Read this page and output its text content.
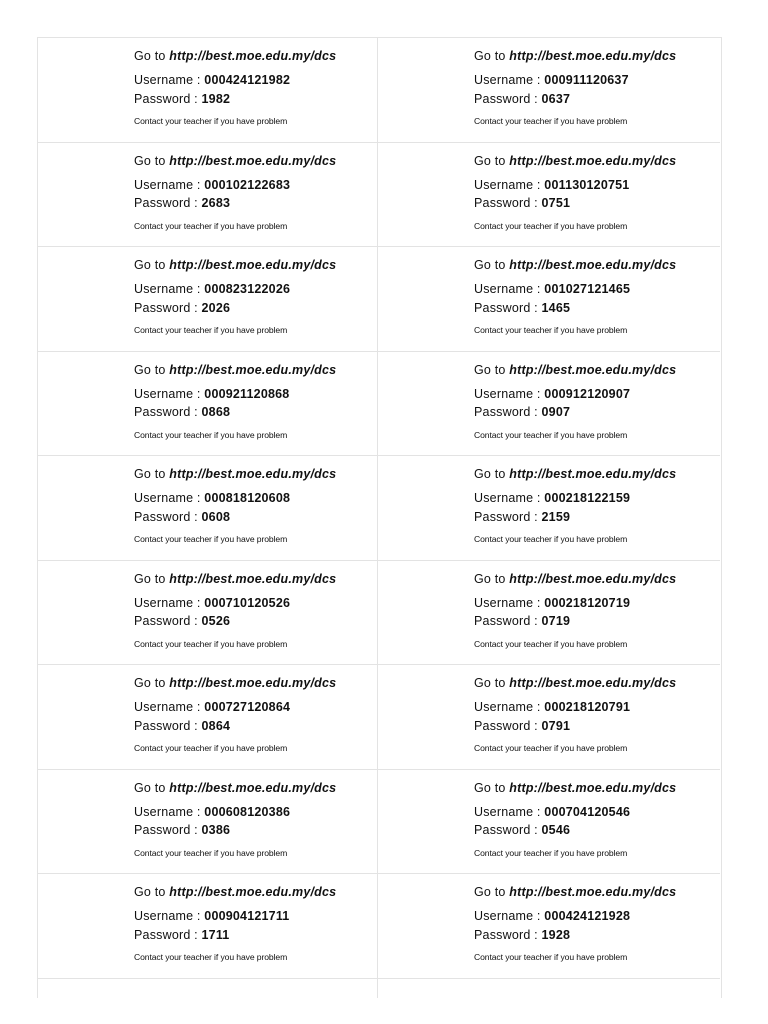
Go to http://best.moe.edu.my/dcs
Username : 000424121982
Password : 1982
Contact your teacher if you have problem
Go to http://best.moe.edu.my/dcs
Username : 000911120637
Password : 0637
Contact your teacher if you have problem
Go to http://best.moe.edu.my/dcs
Username : 000102122683
Password : 2683
Contact your teacher if you have problem
Go to http://best.moe.edu.my/dcs
Username : 001130120751
Password : 0751
Contact your teacher if you have problem
Go to http://best.moe.edu.my/dcs
Username : 000823122026
Password : 2026
Contact your teacher if you have problem
Go to http://best.moe.edu.my/dcs
Username : 001027121465
Password : 1465
Contact your teacher if you have problem
Go to http://best.moe.edu.my/dcs
Username : 000921120868
Password : 0868
Contact your teacher if you have problem
Go to http://best.moe.edu.my/dcs
Username : 000912120907
Password : 0907
Contact your teacher if you have problem
Go to http://best.moe.edu.my/dcs
Username : 000818120608
Password : 0608
Contact your teacher if you have problem
Go to http://best.moe.edu.my/dcs
Username : 000218122159
Password : 2159
Contact your teacher if you have problem
Go to http://best.moe.edu.my/dcs
Username : 000710120526
Password : 0526
Contact your teacher if you have problem
Go to http://best.moe.edu.my/dcs
Username : 000218120719
Password : 0719
Contact your teacher if you have problem
Go to http://best.moe.edu.my/dcs
Username : 000727120864
Password : 0864
Contact your teacher if you have problem
Go to http://best.moe.edu.my/dcs
Username : 000218120791
Password : 0791
Contact your teacher if you have problem
Go to http://best.moe.edu.my/dcs
Username : 000608120386
Password : 0386
Contact your teacher if you have problem
Go to http://best.moe.edu.my/dcs
Username : 000704120546
Password : 0546
Contact your teacher if you have problem
Go to http://best.moe.edu.my/dcs
Username : 000904121711
Password : 1711
Contact your teacher if you have problem
Go to http://best.moe.edu.my/dcs
Username : 000424121928
Password : 1928
Contact your teacher if you have problem
